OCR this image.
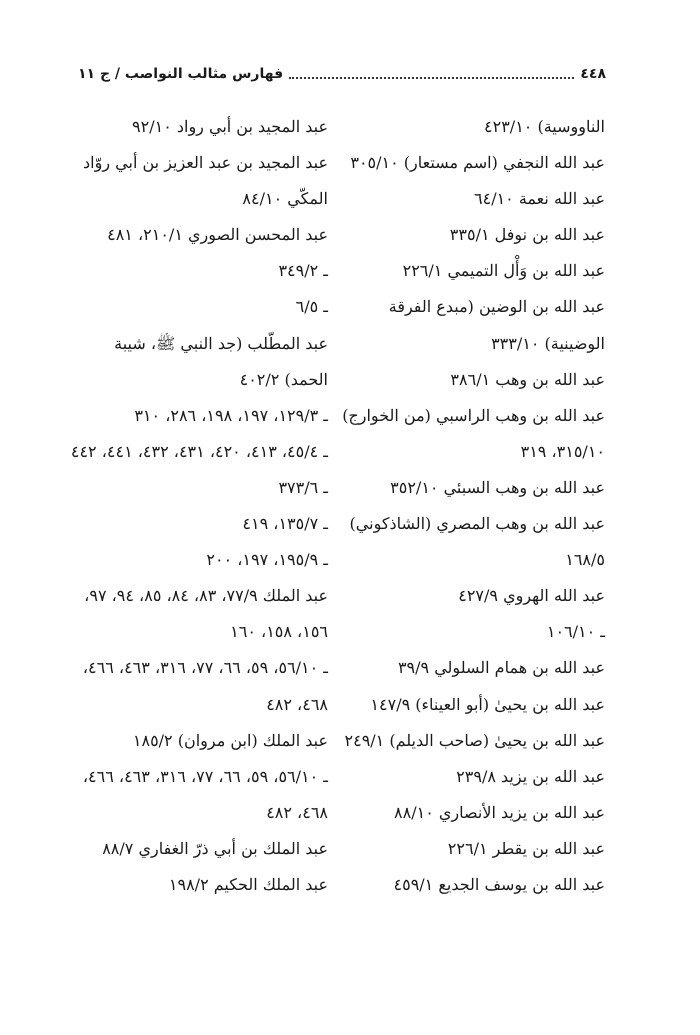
٤٤٨
فهارس مثالب النواصب / ج ١١
الناووسية) ٤٢٣/١٠
عبد الله النجفي (اسم مستعار) ٣٠٥/١٠
عبد الله نعمة ٦٤/١٠
عبد الله بن نوفل ٣٣٥/١
عبد الله بن وَأْل التميمي ٢٢٦/١
عبد الله بن الوضين (مبدع الفرقة
الوضينية) ٣٣٣/١٠
عبد الله بن وهب ٣٨٦/١
عبد الله بن وهب الراسبي (من الخوارج)
٣١٥/١٠، ٣١٩
عبد الله بن وهب السبئي ٣٥٢/١٠
عبد الله بن وهب المصري (الشاذكوني)
١٦٨/٥
عبد الله الهروي ٤٢٧/٩
ـ ١٠٦/١٠
عبد الله بن همام السلولي ٣٩/٩
عبد الله بن يحيىٰ (أبو العيناء) ١٤٧/٩
عبد الله بن يحيىٰ (صاحب الديلم) ٢٤٩/١
عبد الله بن يزيد ٢٣٩/٨
عبد الله بن يزيد الأنصاري ٨٨/١٠
عبد الله بن يقطر ٢٢٦/١
عبد الله بن يوسف الجديع ٤٥٩/١
عبد المجيد بن أبي رواد ٩٢/١٠
عبد المجيد بن عبد العزيز بن أبي روّاد
المكّي ٨٤/١٠
عبد المحسن الصوري ٢١٠/١، ٤٨١
ـ ٣٤٩/٢
ـ ٦/٥
عبد المطّلب (جد النبي ﷺ، شيبة
الحمد) ٤٠٢/٢
ـ ١٢٩/٣، ١٩٧، ١٩٨، ٢٨٦، ٣١٠
ـ ٤٥/٤، ٤١٣، ٤٢٠، ٤٣١، ٤٣٢، ٤٤١، ٤٤٢
ـ ٣٧٣/٦
ـ ١٣٥/٧، ٤١٩
ـ ١٩٥/٩، ١٩٧، ٢٠٠
عبد الملك ٧٧/٩، ٨٣، ٨٤، ٨٥، ٩٤، ٩٧،
١٥٦، ١٥٨، ١٦٠
ـ ٥٦/١٠، ٥٩، ٦٦، ٧٧، ٣١٦، ٤٦٣، ٤٦٦،
٤٦٨، ٤٨٢
عبد الملك (ابن مروان) ١٨٥/٢
ـ ٥٦/١٠، ٥٩، ٦٦، ٧٧، ٣١٦، ٤٦٣، ٤٦٦،
٤٦٨، ٤٨٢
عبد الملك بن أبي ذرّ الغفاري ٨٨/٧
عبد الملك الحكيم ١٩٨/٢
